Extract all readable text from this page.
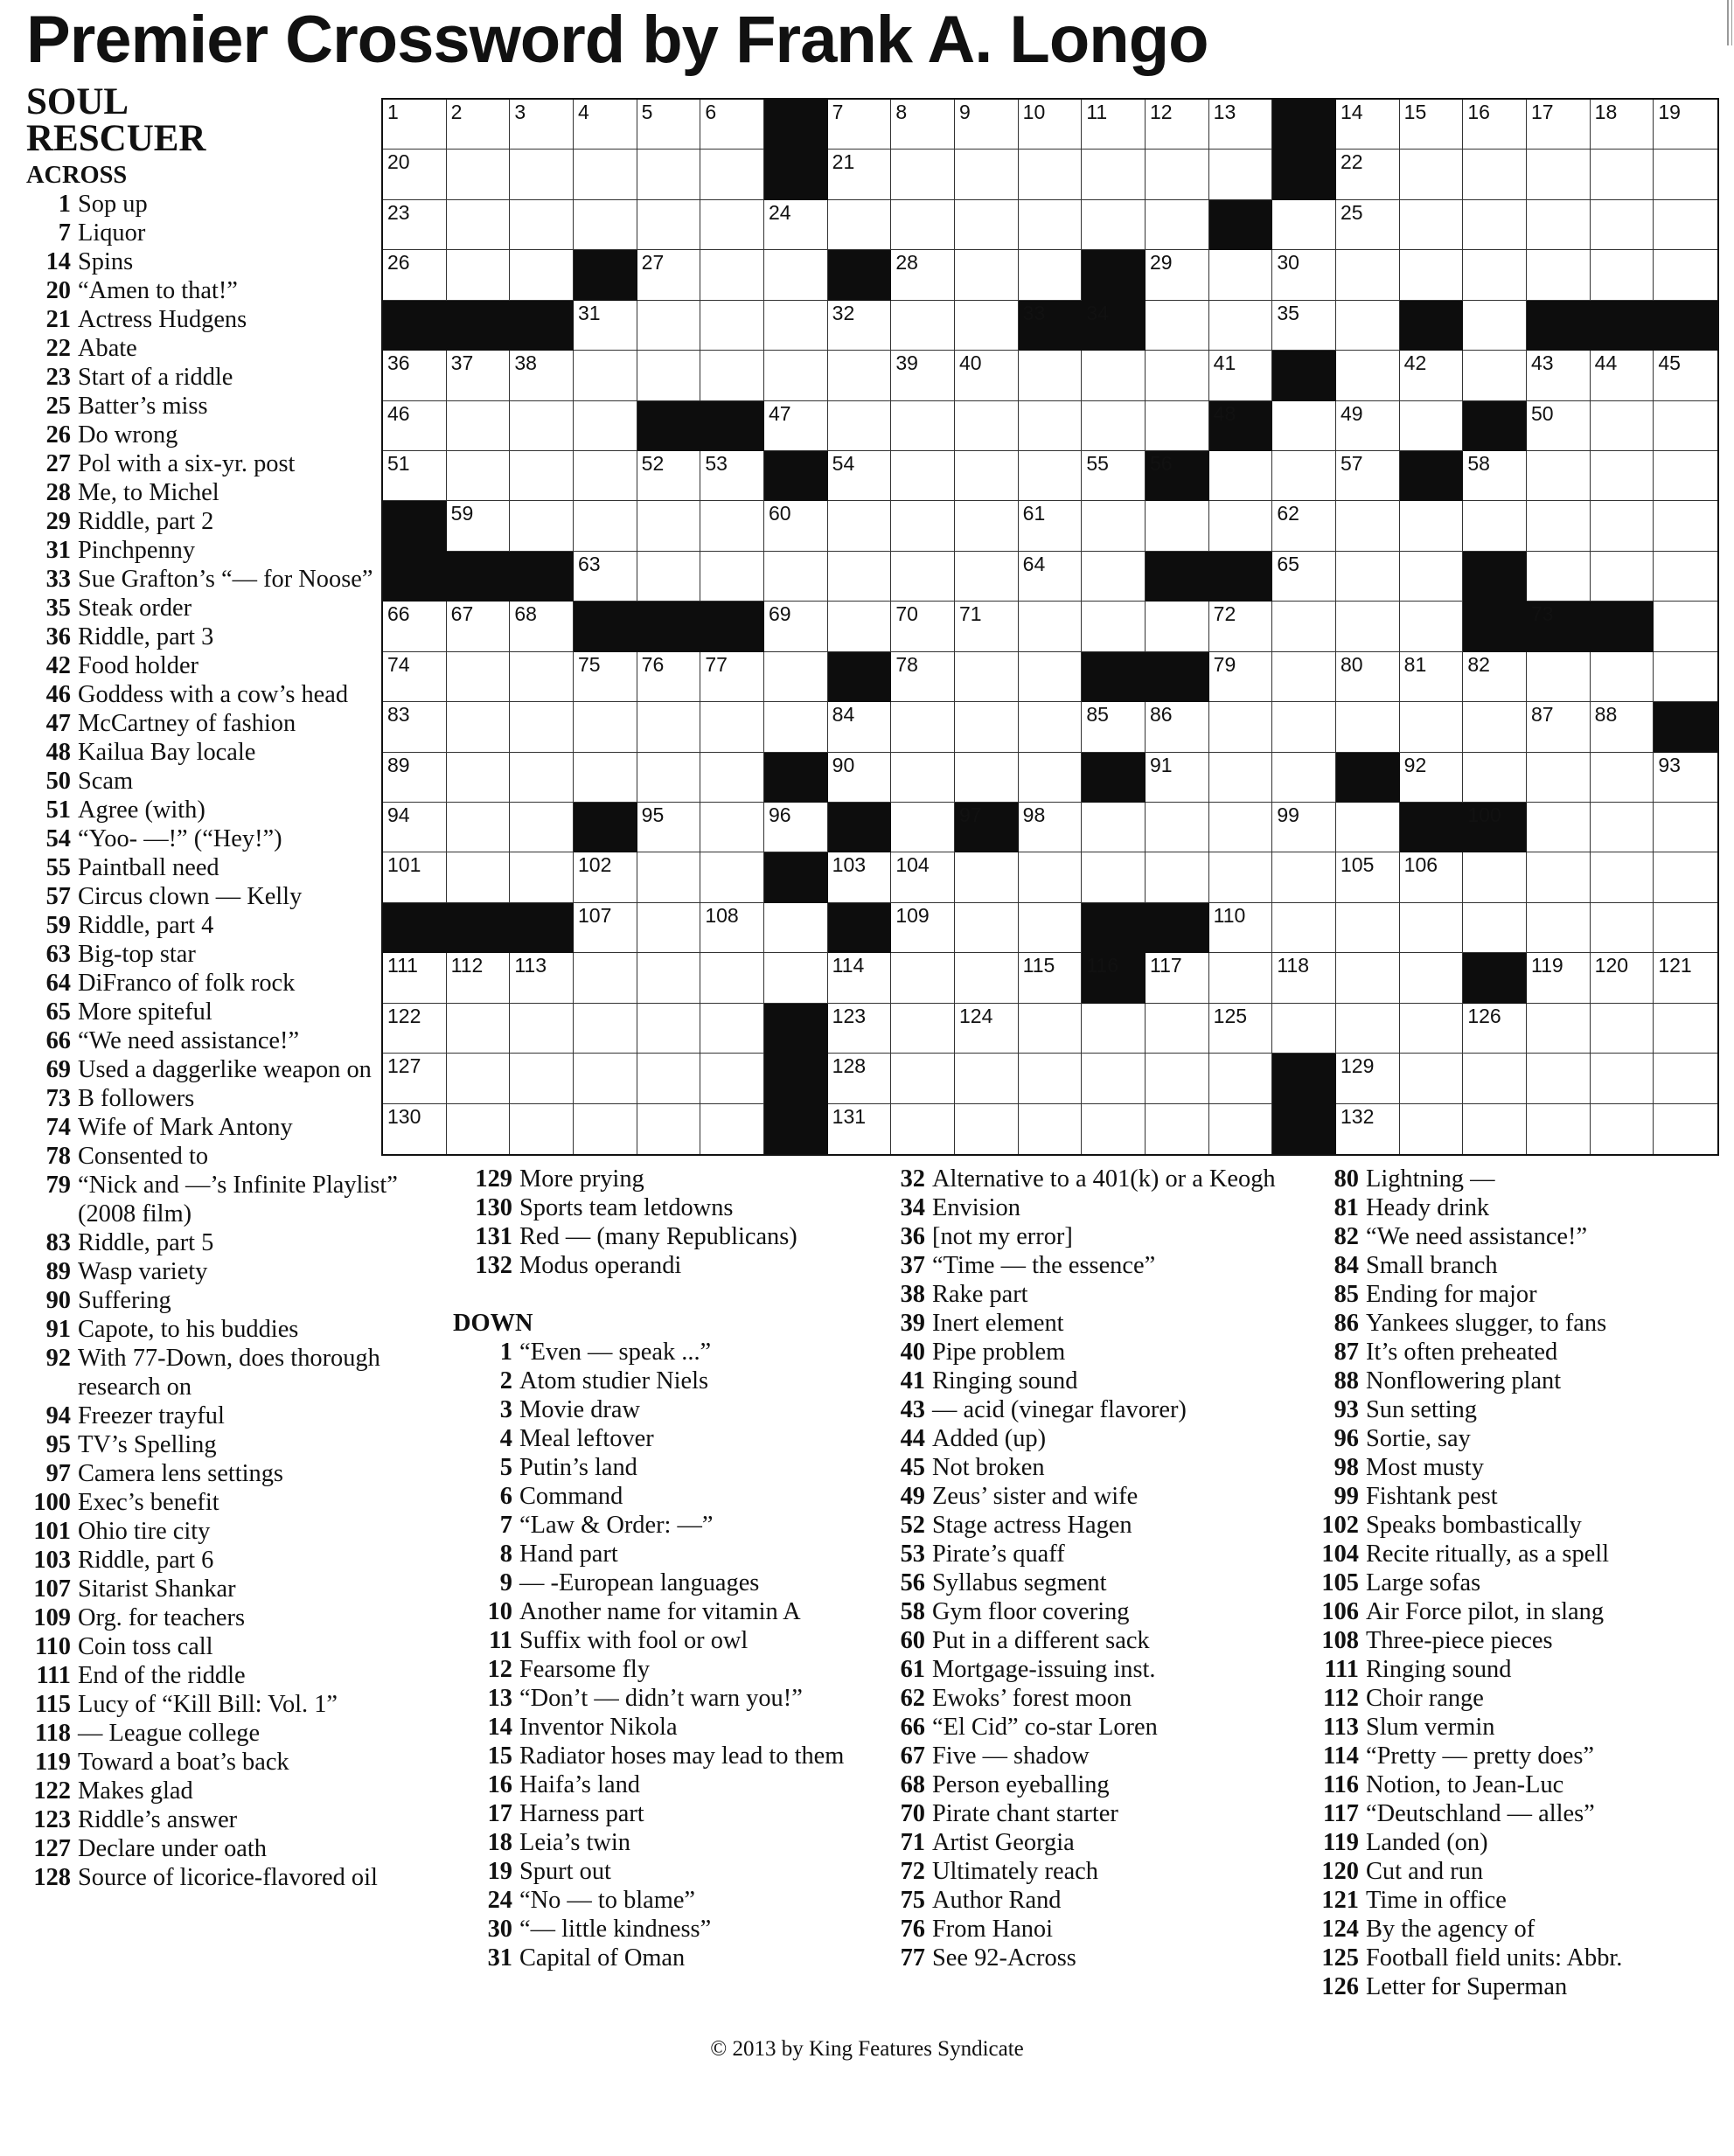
Premier Crossword by Frank A. Longo
SOUL
RESCUER
1	2	3	4	5	6	7	8	9	10 11 12 13	14 15 16 17 18 19
20	21	22
23	24	25
26	27	28	29	30
31	32	33 34	35
36 37 38	39 40	41	42	43 44 45
46	47	48	49	50
51	52 53	54	55 56	57	58
59	60	61	62
63	64	65
66 67 68	69	70 71	72	73
74	75 76 77	78	79	80 81 82
83	84	85 86	87 88
89	90	91	92	93
94	95	96	97 98	99	100
101	102	103 104	105 106
107	108	109	110
111 112 113	114	115 116 117	118	119 120 121
122	123	124	125	126
127	128	129
130	131	132
ACROSS
1 Sop up
7 Liquor
14 Spins
20 “Amen to that!”
21 Actress Hudgens
22 Abate
23 Start of a riddle
25 Batter’s miss
26 Do wrong
27 Pol with a six-yr. post
28 Me, to Michel
29 Riddle, part 2
31 Pinchpenny
33 Sue Grafton’s “— for Noose”
35 Steak order
36 Riddle, part 3
42 Food holder
46 Goddess with a cow’s head
47 McCartney of fashion
48 Kailua Bay locale
50 Scam
51 Agree (with)
54 “Yoo- —!” (“Hey!”)
55 Paintball need
57 Circus clown — Kelly
59 Riddle, part 4
63 Big-top star
64 DiFranco of folk rock
65 More spiteful
66 “We need assistance!”
69 Used a daggerlike weapon on
73 B followers
74 Wife of Mark Antony
78 Consented to
79 “Nick and —’s Infinite Playlist” (2008 film)
83 Riddle, part 5
89 Wasp variety
90 Suffering
91 Capote, to his buddies
92 With 77-Down, does thorough research on
94 Freezer trayful
95 TV’s Spelling
97 Camera lens settings
100 Exec’s benefit
101 Ohio tire city
103 Riddle, part 6
107 Sitarist Shankar
109 Org. for teachers
110 Coin toss call
111 End of the riddle
115 Lucy of “Kill Bill: Vol. 1”
118 — League college
119 Toward a boat’s back
122 Makes glad
123 Riddle’s answer
127 Declare under oath
128 Source of licorice-flavored oil
129 More prying
130 Sports team letdowns
131 Red — (many Republicans)
132 Modus operandi
DOWN
1 “Even — speak ...”
2 Atom studier Niels
3 Movie draw
4 Meal leftover
5 Putin’s land
6 Command
7 “Law & Order: —”
8 Hand part
9 — -European languages
10 Another name for vitamin A
11 Suffix with fool or owl
12 Fearsome fly
13 “Don’t — didn’t warn you!”
14 Inventor Nikola
15 Radiator hoses may lead to them
16 Haifa’s land
17 Harness part
18 Leia’s twin
19 Spurt out
24 “No — to blame”
30 “— little kindness”
31 Capital of Oman
32 Alternative to a 401(k) or a Keogh
34 Envision
36 [not my error]
37 “Time — the essence”
38 Rake part
39 Inert element
40 Pipe problem
41 Ringing sound
43 — acid (vinegar flavorer)
44 Added (up)
45 Not broken
49 Zeus’ sister and wife
52 Stage actress Hagen
53 Pirate’s quaff
56 Syllabus segment
58 Gym floor covering
60 Put in a different sack
61 Mortgage-issuing inst.
62 Ewoks’ forest moon
66 “El Cid” co-star Loren
67 Five — shadow
68 Person eyeballing
70 Pirate chant starter
71 Artist Georgia
72 Ultimately reach
75 Author Rand
76 From Hanoi
77 See 92-Across
80 Lightning —
81 Heady drink
82 “We need assistance!”
84 Small branch
85 Ending for major
86 Yankees slugger, to fans
87 It’s often preheated
88 Nonflowering plant
93 Sun setting
96 Sortie, say
98 Most musty
99 Fishtank pest
102 Speaks bombastically
104 Recite ritually, as a spell
105 Large sofas
106 Air Force pilot, in slang
108 Three-piece pieces
111 Ringing sound
112 Choir range
113 Slum vermin
114 “Pretty — pretty does”
116 Notion, to Jean-Luc
117 “Deutschland — alles”
119 Landed (on)
120 Cut and run
121 Time in office
124 By the agency of
125 Football field units: Abbr.
126 Letter for Superman
© 2013 by King Features Syndicate
